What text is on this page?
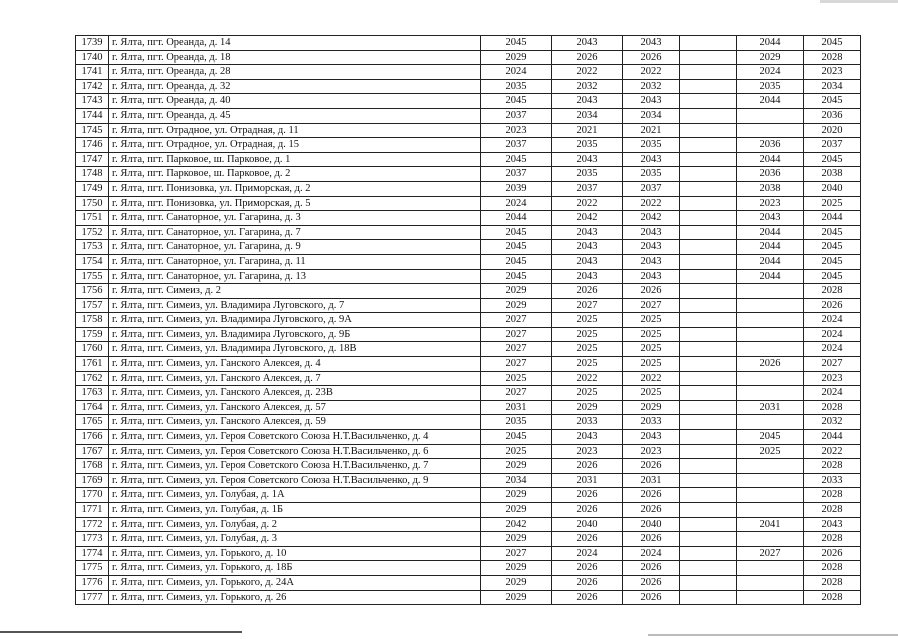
1739	г. Ялта, пгт. Ореанда, д. 14	2045	2043	2043		2044	2045
1740	г. Ялта, пгт. Ореанда, д. 18	2029	2026	2026		2029	2028
1741	г. Ялта, пгт. Ореанда, д. 28	2024	2022	2022		2024	2023
1742	г. Ялта, пгт. Ореанда, д. 32	2035	2032	2032		2035	2034
1743	г. Ялта, пгт. Ореанда, д. 40	2045	2043	2043		2044	2045
1744	г. Ялта, пгт. Ореанда, д. 45	2037	2034	2034			2036
1745	г. Ялта, пгт. Отрадное, ул. Отрадная, д. 11	2023	2021	2021			2020
1746	г. Ялта, пгт. Отрадное, ул. Отрадная, д. 15	2037	2035	2035		2036	2037
1747	г. Ялта, пгт. Парковое, ш. Парковое, д. 1	2045	2043	2043		2044	2045
1748	г. Ялта, пгт. Парковое, ш. Парковое, д. 2	2037	2035	2035		2036	2038
1749	г. Ялта, пгт. Понизовка, ул. Приморская, д. 2	2039	2037	2037		2038	2040
1750	г. Ялта, пгт. Понизовка, ул. Приморская, д. 5	2024	2022	2022		2023	2025
1751	г. Ялта, пгт. Санаторное, ул. Гагарина, д. 3	2044	2042	2042		2043	2044
1752	г. Ялта, пгт. Санаторное, ул. Гагарина, д. 7	2045	2043	2043		2044	2045
1753	г. Ялта, пгт. Санаторное, ул. Гагарина, д. 9	2045	2043	2043		2044	2045
1754	г. Ялта, пгт. Санаторное, ул. Гагарина, д. 11	2045	2043	2043		2044	2045
1755	г. Ялта, пгт. Санаторное, ул. Гагарина, д. 13	2045	2043	2043		2044	2045
1756	г. Ялта, пгт. Симеиз, д. 2	2029	2026	2026			2028
1757	г. Ялта, пгт. Симеиз, ул. Владимира Луговского, д. 7	2029	2027	2027			2026
1758	г. Ялта, пгт. Симеиз, ул. Владимира Луговского, д. 9А	2027	2025	2025			2024
1759	г. Ялта, пгт. Симеиз, ул. Владимира Луговского, д. 9Б	2027	2025	2025			2024
1760	г. Ялта, пгт. Симеиз, ул. Владимира Луговского, д. 18В	2027	2025	2025			2024
1761	г. Ялта, пгт. Симеиз, ул. Ганского Алексея, д. 4	2027	2025	2025		2026	2027
1762	г. Ялта, пгт. Симеиз, ул. Ганского Алексея, д. 7	2025	2022	2022			2023
1763	г. Ялта, пгт. Симеиз, ул. Ганского Алексея, д. 23В	2027	2025	2025			2024
1764	г. Ялта, пгт. Симеиз, ул. Ганского Алексея, д. 57	2031	2029	2029		2031	2028
1765	г. Ялта, пгт. Симеиз, ул. Ганского Алексея, д. 59	2035	2033	2033			2032
1766	г. Ялта, пгт. Симеиз, ул. Героя Советского Союза Н.Т.Васильченко, д. 4	2045	2043	2043		2045	2044
1767	г. Ялта, пгт. Симеиз, ул. Героя Советского Союза Н.Т.Васильченко, д. 6	2025	2023	2023		2025	2022
1768	г. Ялта, пгт. Симеиз, ул. Героя Советского Союза Н.Т.Васильченко, д. 7	2029	2026	2026			2028
1769	г. Ялта, пгт. Симеиз, ул. Героя Советского Союза Н.Т.Васильченко, д. 9	2034	2031	2031			2033
1770	г. Ялта, пгт. Симеиз, ул. Голубая, д. 1А	2029	2026	2026			2028
1771	г. Ялта, пгт. Симеиз, ул. Голубая, д. 1Б	2029	2026	2026			2028
1772	г. Ялта, пгт. Симеиз, ул. Голубая, д. 2	2042	2040	2040		2041	2043
1773	г. Ялта, пгт. Симеиз, ул. Голубая, д. 3	2029	2026	2026			2028
1774	г. Ялта, пгт. Симеиз, ул. Горького, д. 10	2027	2024	2024		2027	2026
1775	г. Ялта, пгт. Симеиз, ул. Горького, д. 18Б	2029	2026	2026			2028
1776	г. Ялта, пгт. Симеиз, ул. Горького, д. 24А	2029	2026	2026			2028
1777	г. Ялта, пгт. Симеиз, ул. Горького, д. 26	2029	2026	2026			2028
